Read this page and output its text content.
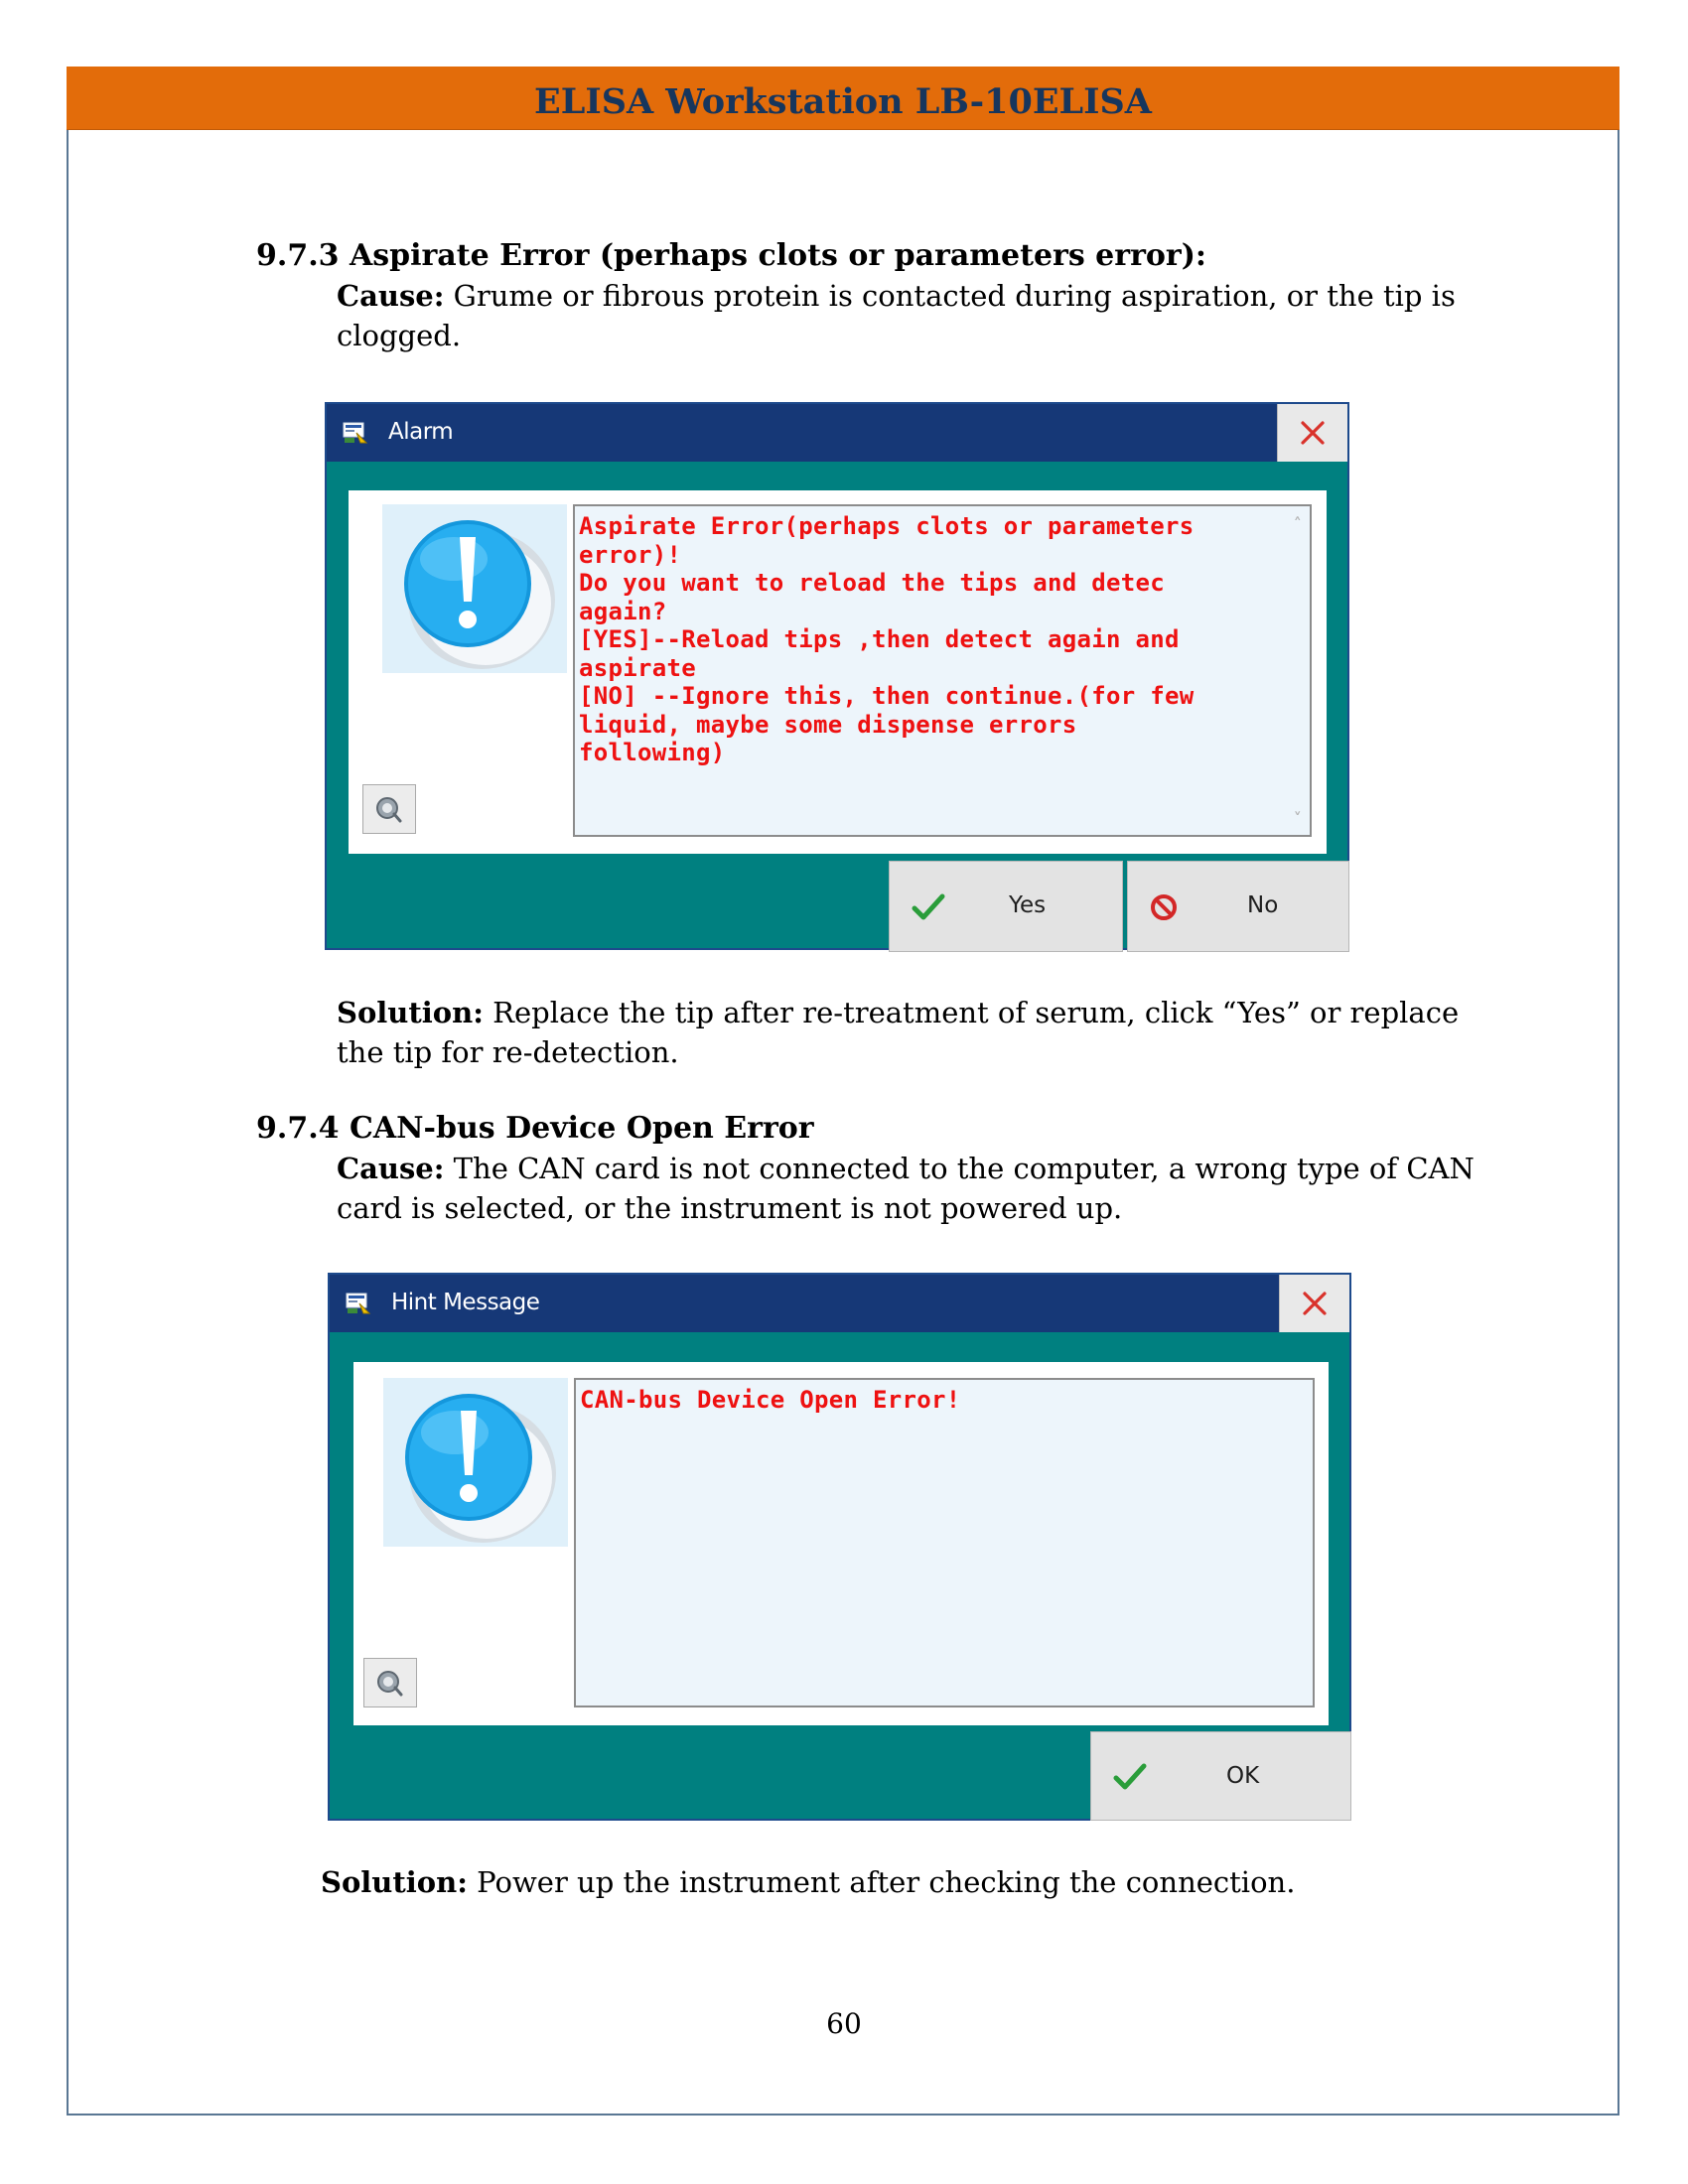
ELISA Workstation LB-10ELISA
9.7.3 Aspirate Error (perhaps clots or parameters error):
Cause: Grume or fibrous protein is contacted during aspiration, or the tip is clogged.
Alarm
Aspirate Error(perhaps clots or parameters
error)!
Do you want to reload the tips and detec
again?
[YES]--Reload tips ,then detect again and
aspirate
[NO] --Ignore this, then continue.(for few
liquid, maybe some dispense errors
following)
˄
˅
Yes	No
Solution: Replace the tip after re-treatment of serum, click “Yes” or replace the tip for re-detection.
9.7.4 CAN-bus Device Open Error
Cause: The CAN card is not connected to the computer, a wrong type of CAN card is selected, or the instrument is not powered up.
Hint Message
CAN-bus Device Open Error!
OK
Solution: Power up the instrument after checking the connection.
60
